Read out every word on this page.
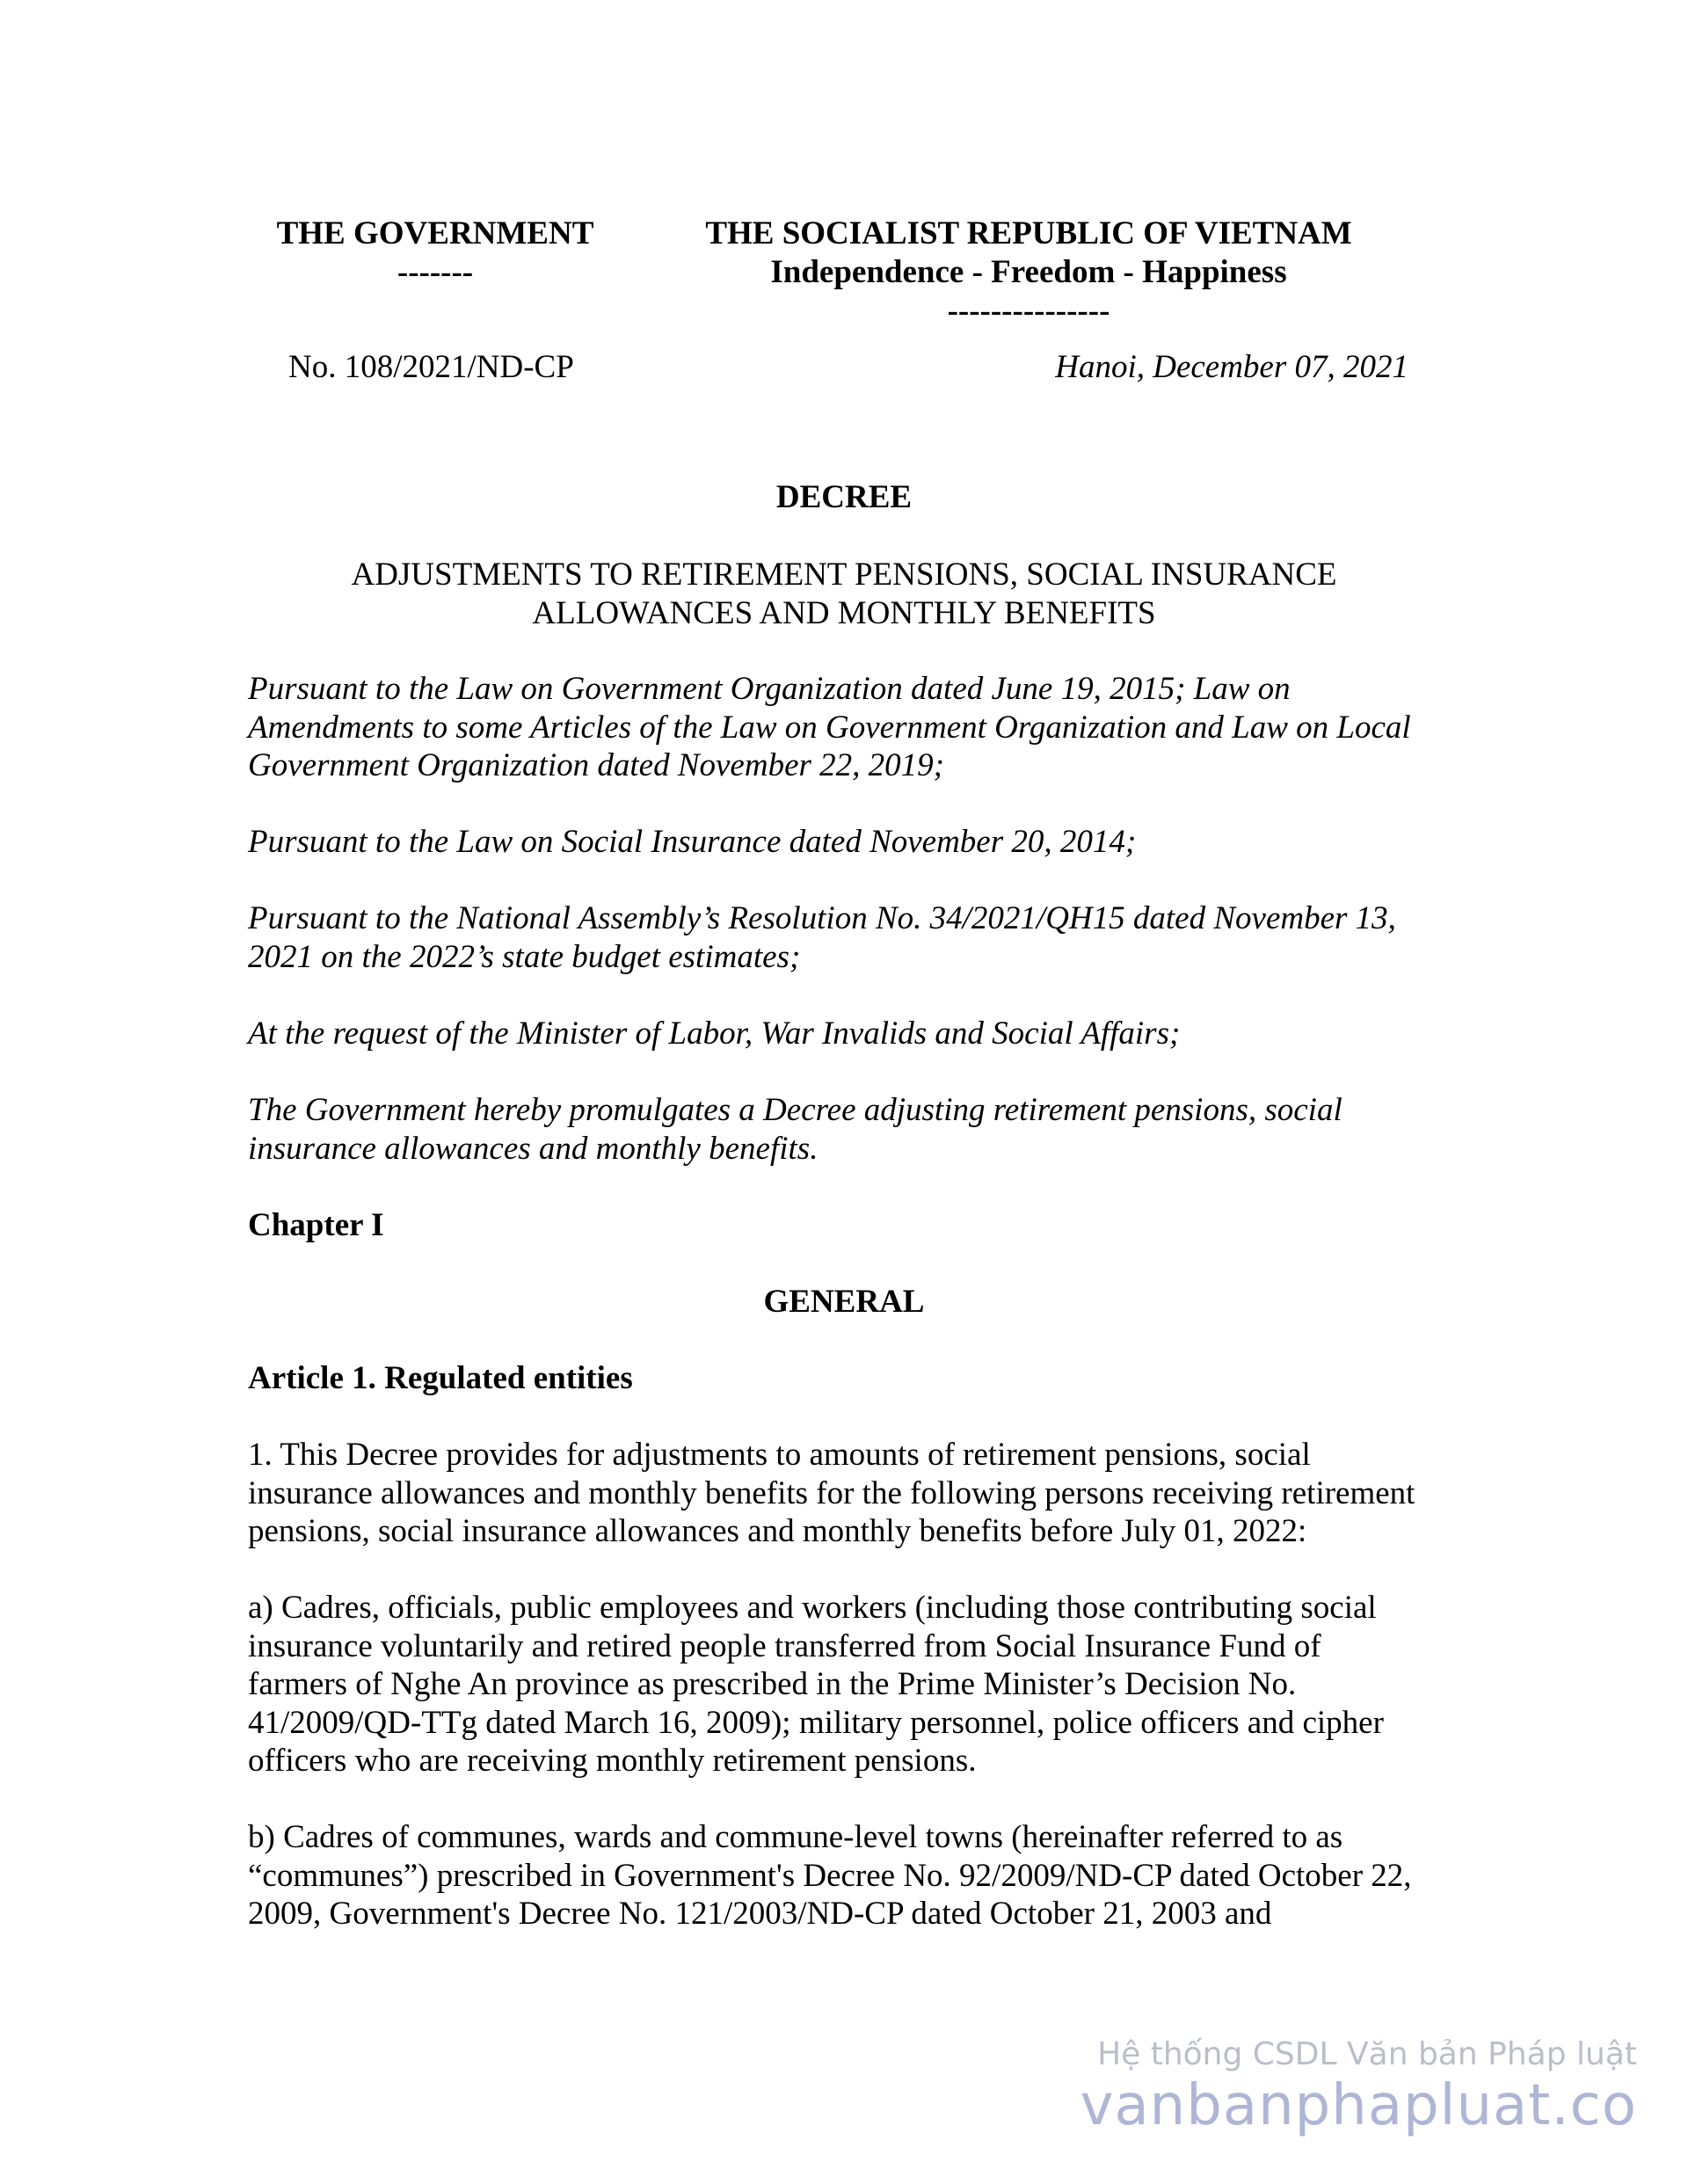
THE GOVERNMENT
-------
THE SOCIALIST REPUBLIC OF VIETNAM
Independence - Freedom - Happiness
---------------
No. 108/2021/ND-CP	Hanoi, December 07, 2021
DECREE
ADJUSTMENTS TO RETIREMENT PENSIONS, SOCIAL INSURANCE
ALLOWANCES AND MONTHLY BENEFITS

Pursuant to the Law on Government Organization dated June 19, 2015; Law on

Amendments to some Articles of the Law on Government Organization and Law on Local

Government Organization dated November 22, 2019;

Pursuant to the Law on Social Insurance dated November 20, 2014;

Pursuant to the National Assembly’s Resolution No. 34/2021/QH15 dated November 13,

2021 on the 2022’s state budget estimates;

At the request of the Minister of Labor, War Invalids and Social Affairs;

The Government hereby promulgates a Decree adjusting retirement pensions, social

insurance allowances and monthly benefits.

Chapter I

GENERAL

Article 1. Regulated entities

1. This Decree provides for adjustments to amounts of retirement pensions, social

insurance allowances and monthly benefits for the following persons receiving retirement

pensions, social insurance allowances and monthly benefits before July 01, 2022:

a) Cadres, officials, public employees and workers (including those contributing social

insurance voluntarily and retired people transferred from Social Insurance Fund of

farmers of Nghe An province as prescribed in the Prime Minister’s Decision No.

41/2009/QD-TTg dated March 16, 2009); military personnel, police officers and cipher

officers who are receiving monthly retirement pensions.

b) Cadres of communes, wards and commune-level towns (hereinafter referred to as

“communes”) prescribed in Government's Decree No. 92/2009/ND-CP dated October 22,

2009, Government's Decree No. 121/2003/ND-CP dated October 21, 2003 and

Hệ thống CSDL Văn bản Pháp luật
vanbanphapluat.co
